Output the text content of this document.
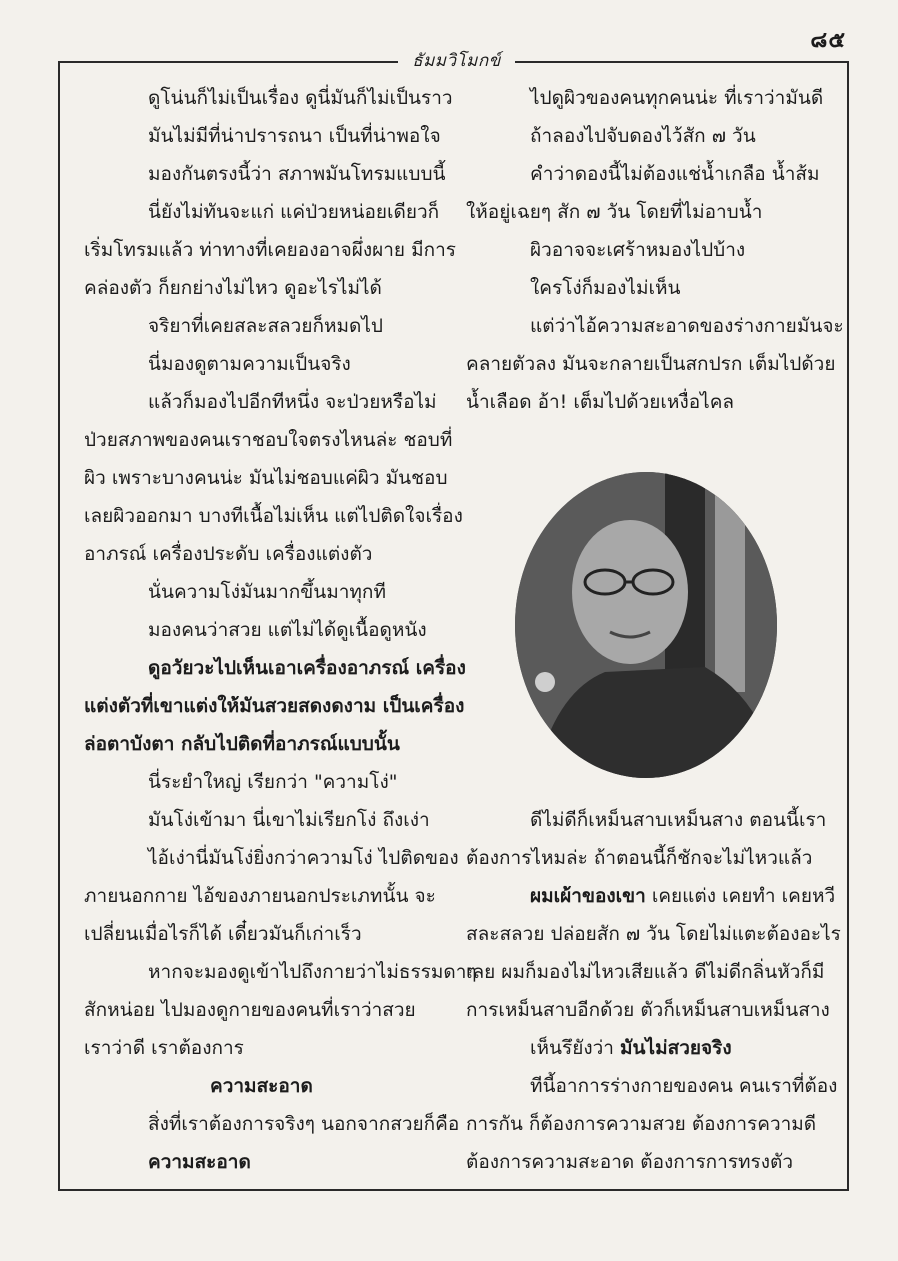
๘๕
ธัมมวิโมกข์
ดูโน่นก็ไม่เป็นเรื่อง ดูนี่มันก็ไม่เป็นราว
มันไม่มีที่น่าปรารถนา เป็นที่น่าพอใจ
มองกันตรงนี้ว่า สภาพมันโทรมแบบนี้
นี่ยังไม่ทันจะแก่ แค่ป่วยหน่อยเดียวก็
เริ่มโทรมแล้ว ท่าทางที่เคยองอาจผึ่งผาย มีการ
คล่องตัว ก็ยกย่างไม่ไหว ดูอะไรไม่ได้
จริยาที่เคยสละสลวยก็หมดไป
นี่มองดูตามความเป็นจริง
แล้วก็มองไปอีกทีหนึ่ง จะป่วยหรือไม่
ป่วยสภาพของคนเราชอบใจตรงไหนล่ะ ชอบที่
ผิว เพราะบางคนน่ะ มันไม่ชอบแค่ผิว มันชอบ
เลยผิวออกมา บางทีเนื้อไม่เห็น แต่ไปติดใจเรื่อง
อาภรณ์ เครื่องประดับ เครื่องแต่งตัว
นั่นความโง่มันมากขึ้นมาทุกที
มองคนว่าสวย แต่ไม่ได้ดูเนื้อดูหนัง
ดูอวัยวะไปเห็นเอาเครื่องอาภรณ์ เครื่อง
แต่งตัวที่เขาแต่งให้มันสวยสดงดงาม เป็นเครื่อง
ล่อตาบังตา กลับไปติดที่อาภรณ์แบบนั้น
นี่ระยำใหญ่ เรียกว่า "ความโง่"
มันโง่เข้ามา นี่เขาไม่เรียกโง่ ถึงเง่า
ไอ้เง่านี่มันโง่ยิ่งกว่าความโง่ ไปติดของ
ภายนอกกาย ไอ้ของภายนอกประเภทนั้น จะ
เปลี่ยนเมื่อไรก็ได้ เดี๋ยวมันก็เก่าเร็ว
หากจะมองดูเข้าไปถึงกายว่าไม่ธรรมดาๆ
สักหน่อย ไปมองดูกายของคนที่เราว่าสวย
เราว่าดี เราต้องการ
ความสะอาด
สิ่งที่เราต้องการจริงๆ นอกจากสวยก็คือ
ความสะอาด
ไปดูผิวของคนทุกคนน่ะ ที่เราว่ามันดี
ถ้าลองไปจับดองไว้สัก ๗ วัน
คำว่าดองนี้ไม่ต้องแช่น้ำเกลือ น้ำส้ม
ให้อยู่เฉยๆ สัก ๗ วัน โดยที่ไม่อาบน้ำ
ผิวอาจจะเศร้าหมองไปบ้าง
ใครโง่ก็มองไม่เห็น
แต่ว่าไอ้ความสะอาดของร่างกายมันจะ
คลายตัวลง มันจะกลายเป็นสกปรก เต็มไปด้วย
น้ำเลือด อ้า! เต็มไปด้วยเหงื่อไคล
ดีไม่ดีก็เหม็นสาบเหม็นสาง ตอนนี้เรา
ต้องการไหมล่ะ ถ้าตอนนี้ก็ชักจะไม่ไหวแล้ว
ผมเผ้าของเขา เคยแต่ง เคยทำ เคยหวี
สละสลวย ปล่อยสัก ๗ วัน โดยไม่แตะต้องอะไร
เลย ผมก็มองไม่ไหวเสียแล้ว ดีไม่ดีกลิ่นหัวก็มี
การเหม็นสาบอีกด้วย ตัวก็เหม็นสาบเหม็นสาง
เห็นรึยังว่า มันไม่สวยจริง
ทีนี้อาการร่างกายของคน คนเราที่ต้อง
การกัน ก็ต้องการความสวย ต้องการความดี
ต้องการความสะอาด ต้องการการทรงตัว
